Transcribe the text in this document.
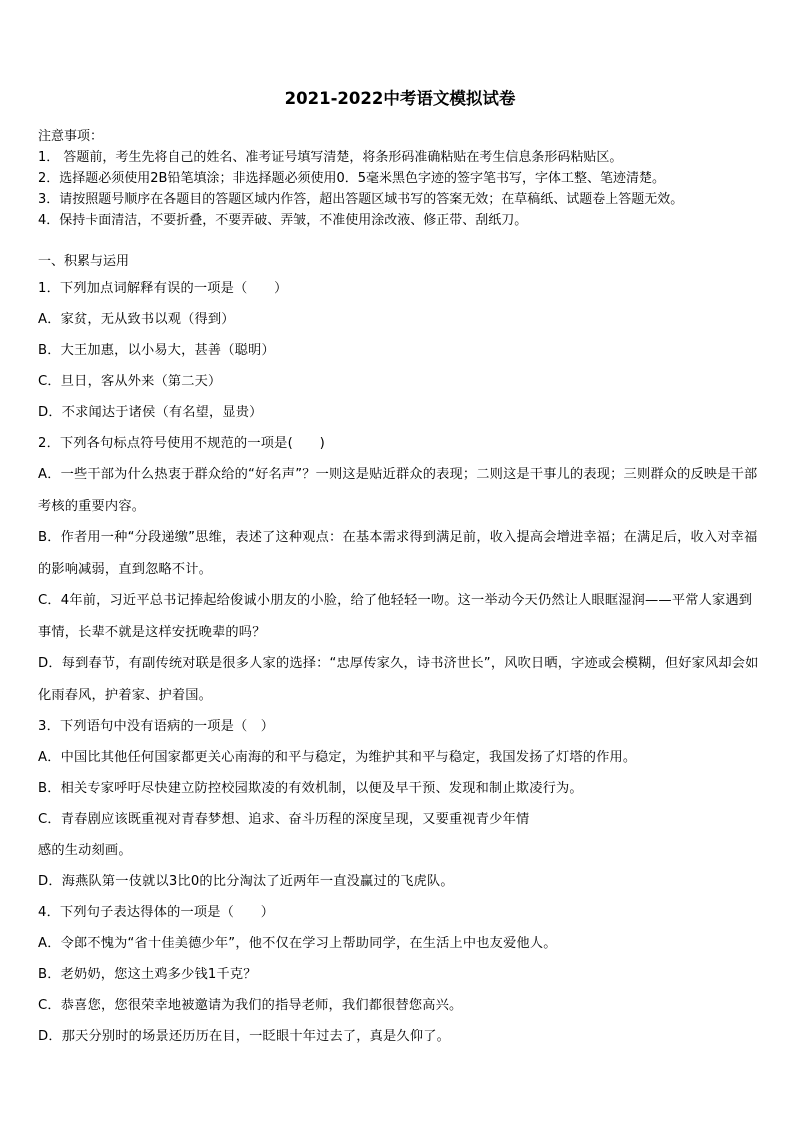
2021-2022中考语文模拟试卷
注意事项：
1． 答题前，考生先将自己的姓名、准考证号填写清楚，将条形码准确粘贴在考生信息条形码粘贴区。
2．选择题必须使用2B铅笔填涂；非选择题必须使用0．5毫米黑色字迹的签字笔书写，字体工整、笔迹清楚。
3．请按照题号顺序在各题目的答题区域内作答，超出答题区域书写的答案无效；在草稿纸、试题卷上答题无效。
4．保持卡面清洁，不要折叠，不要弄破、弄皱，不准使用涂改液、修正带、刮纸刀。
一、积累与运用
1．下列加点词解释有误的一项是（　　）
A．家贫，无从致书以观（得到）
B．大王加惠，以小易大，甚善（聪明）
C．旦日，客从外来（第二天）
D．不求闻达于诸侯（有名望，显贵）
2．下列各句标点符号使用不规范的一项是(　　)
A．一些干部为什么热衷于群众给的“好名声”？一则这是贴近群众的表现；二则这是干事儿的表现；三则群众的反映是干部考核的重要内容。
B．作者用一种“分段递缴”思维，表述了这种观点：在基本需求得到满足前，收入提高会增进幸福；在满足后，收入对幸福的影响减弱，直到忽略不计。
C．4年前，习近平总书记捧起给俊诚小朋友的小脸，给了他轻轻一吻。这一举动今天仍然让人眼眶湿润——平常人家遇到事情，长辈不就是这样安抚晚辈的吗？
D．每到春节，有副传统对联是很多人家的选择：“忠厚传家久，诗书济世长”，风吹日晒，字迹或会模糊，但好家风却会如化雨春风，护着家、护着国。
3．下列语句中没有语病的一项是（　）
A．中国比其他任何国家都更关心南海的和平与稳定，为维护其和平与稳定，我国发扬了灯塔的作用。
B．相关专家呼吁尽快建立防控校园欺凌的有效机制，以便及早干预、发现和制止欺凌行为。
C．青春剧应该既重视对青春梦想、追求、奋斗历程的深度呈现，又要重视青少年情
感的生动刻画。
D．海燕队第一伎就以3比0的比分淘汰了近两年一直没赢过的飞虎队。
4．下列句子表达得体的一项是（　　）
A．令郎不愧为“省十佳美德少年”，他不仅在学习上帮助同学，在生活上中也友爱他人。
B．老奶奶，您这土鸡多少钱1千克？
C．恭喜您，您很荣幸地被邀请为我们的指导老师，我们都很替您高兴。
D．那天分别时的场景还历历在目，一眨眼十年过去了，真是久仰了。
